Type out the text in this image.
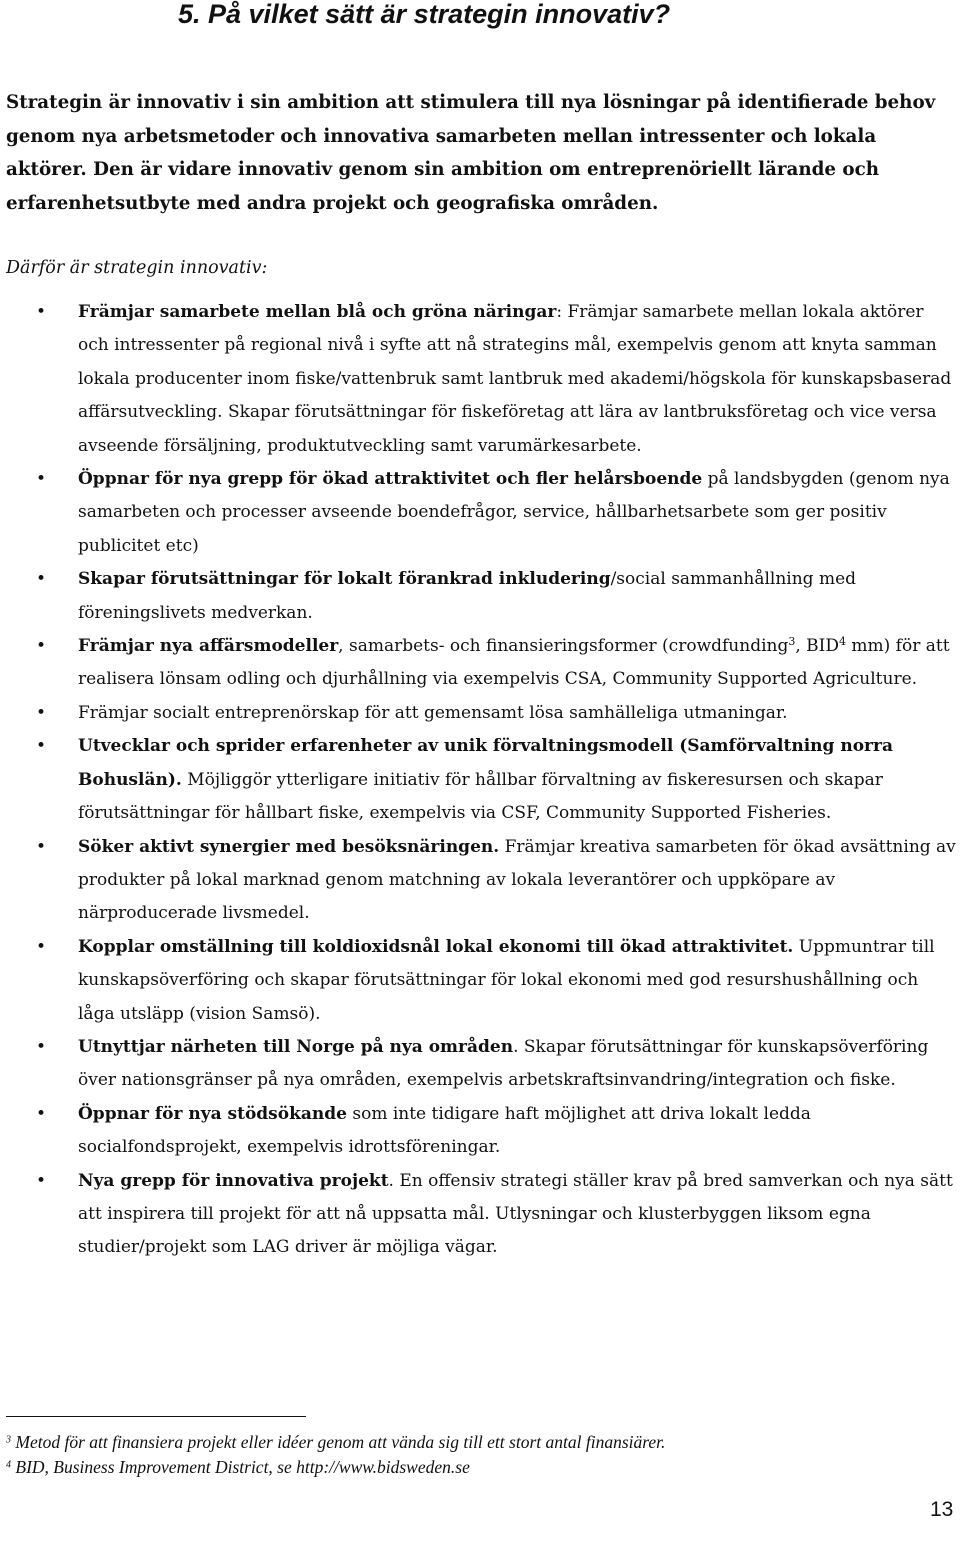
5. På vilket sätt är strategin innovativ?

Strategin är innovativ i sin ambition att stimulera till nya lösningar på identifierade behov genom nya arbetsmetoder och innovativa samarbeten mellan intressenter och lokala aktörer. Den är vidare innovativ genom sin ambition om entreprenöriellt lärande och erfarenhetsutbyte med andra projekt och geografiska områden.

Därför är strategin innovativ:

• Främjar samarbete mellan blå och gröna näringar: Främjar samarbete mellan lokala aktörer och intressenter på regional nivå i syfte att nå strategins mål, exempelvis genom att knyta samman lokala producenter inom fiske/vattenbruk samt lantbruk med akademi/högskola för kunskapsbaserad affärsutveckling. Skapar förutsättningar för fiskeföretag att lära av lantbruksföretag och vice versa avseende försäljning, produktutveckling samt varumärkesarbete.
• Öppnar för nya grepp för ökad attraktivitet och fler helårsboende på landsbygden (genom nya samarbeten och processer avseende boendefrågor, service, hållbarhetsarbete som ger positiv publicitet etc)
• Skapar förutsättningar för lokalt förankrad inkludering/social sammanhållning med föreningslivets medverkan.
• Främjar nya affärsmodeller, samarbets- och finansieringsformer (crowdfunding$^3$, BID$^4$ mm) för att realisera lönsam odling och djurhållning via exempelvis CSA, Community Supported Agriculture.
• Främjar socialt entreprenörskap för att gemensamt lösa samhälleliga utmaningar.
• Utvecklar och sprider erfarenheter av unik förvaltningsmodell (Samförvaltning norra Bohuslän). Möjliggör ytterligare initiativ för hållbar förvaltning av fiskeresursen och skapar förutsättningar för hållbart fiske, exempelvis via CSF, Community Supported Fisheries.
• Söker aktivt synergier med besöksnäringen. Främjar kreativa samarbeten för ökad avsättning av produkter på lokal marknad genom matchning av lokala leverantörer och uppköpare av närproducerade livsmedel.
• Kopplar omställning till koldioxidsnål lokal ekonomi till ökad attraktivitet. Uppmuntrar till kunskapsöverföring och skapar förutsättningar för lokal ekonomi med god resurshushållning och låga utsläpp (vision Samsö).
• Utnyttjar närheten till Norge på nya områden. Skapar förutsättningar för kunskapsöverföring över nationsgränser på nya områden, exempelvis arbetskraftsinvandring/integration och fiske.
• Öppnar för nya stödsökande som inte tidigare haft möjlighet att driva lokalt ledda socialfondsprojekt, exempelvis idrottsföreningar.
• Nya grepp för innovativa projekt. En offensiv strategi ställer krav på bred samverkan och nya sätt att inspirera till projekt för att nå uppsatta mål. Utlysningar och klusterbyggen liksom egna studier/projekt som LAG driver är möjliga vägar.
$^3$ Metod för att finansiera projekt eller idéer genom att vända sig till ett stort antal finansiärer.
$^4$ BID, Business Improvement District, se http://www.bidsweden.se
13
